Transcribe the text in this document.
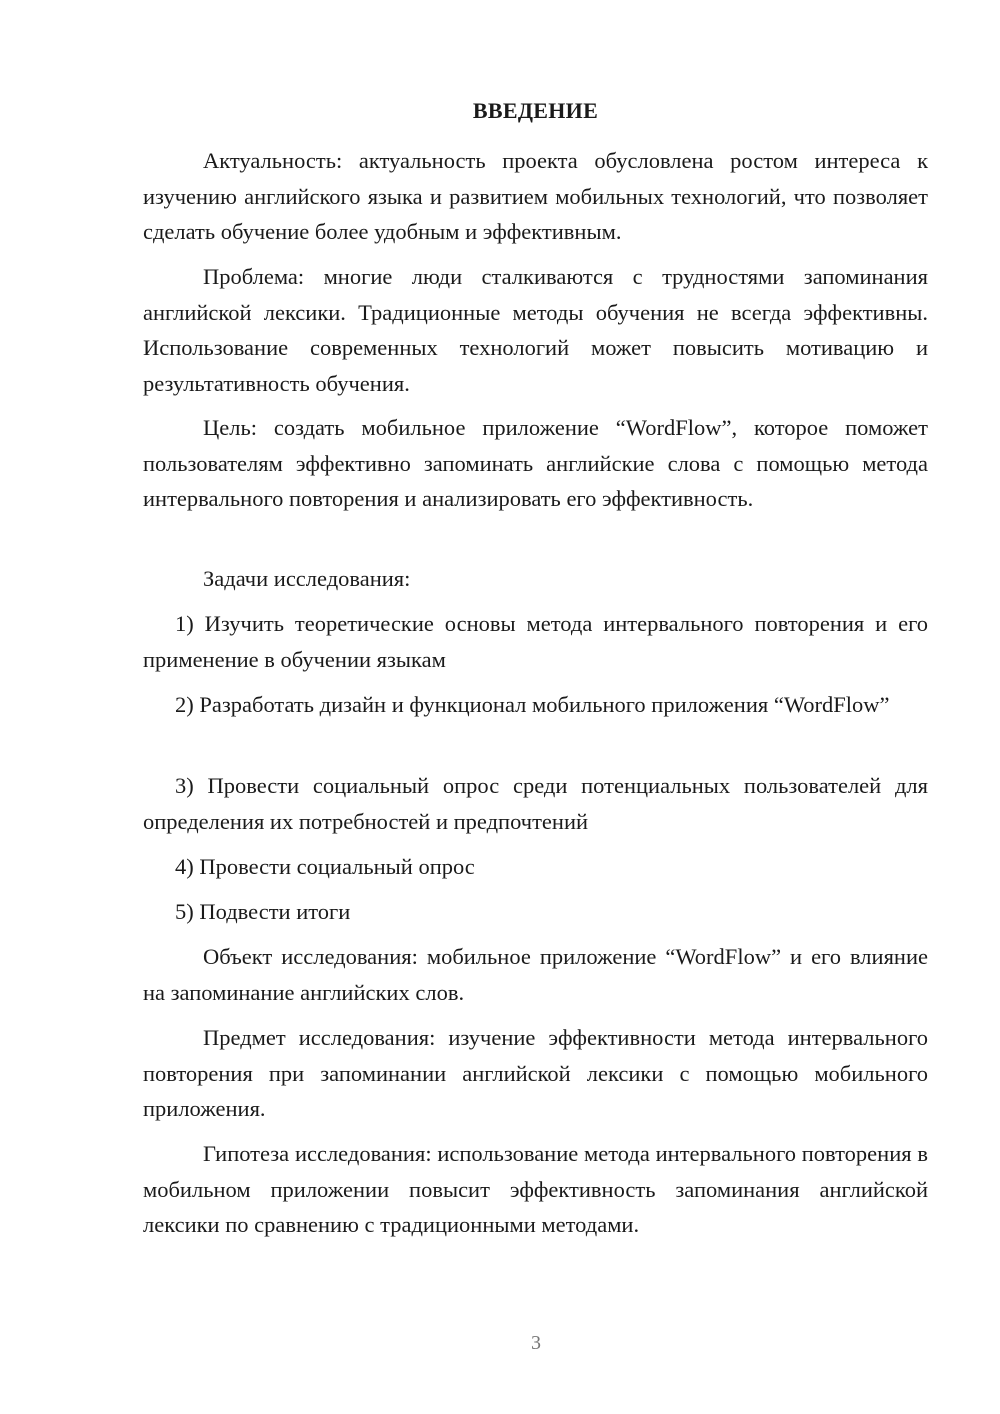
ВВЕДЕНИЕ

Актуальность: актуальность проекта обусловлена ростом интереса к изучению английского языка и развитием мобильных технологий, что позволяет сделать обучение более удобным и эффективным.

Проблема: многие люди сталкиваются с трудностями запоминания английской лексики. Традиционные методы обучения не всегда эффективны. Использование современных технологий может повысить мотивацию и результативность обучения.

Цель: создать мобильное приложение “WordFlow”, которое поможет пользователям эффективно запоминать английские слова с помощью метода интервального повторения и анализировать его эффективность.

Задачи исследования:

1) Изучить теоретические основы метода интервального повторения и его применение в обучении языкам

2) Разработать дизайн и функционал мобильного приложения “WordFlow”

3) Провести социальный опрос среди потенциальных пользователей для определения их потребностей и предпочтений

4) Провести социальный опрос

5) Подвести итоги

Объект исследования: мобильное приложение “WordFlow” и его влияние на запоминание английских слов.

Предмет исследования: изучение эффективности метода интервального повторения при запоминании английской лексики с помощью мобильного приложения.

Гипотеза исследования: использование метода интервального повторения в мобильном приложении повысит эффективность запоминания английской лексики по сравнению с традиционными методами.

3
